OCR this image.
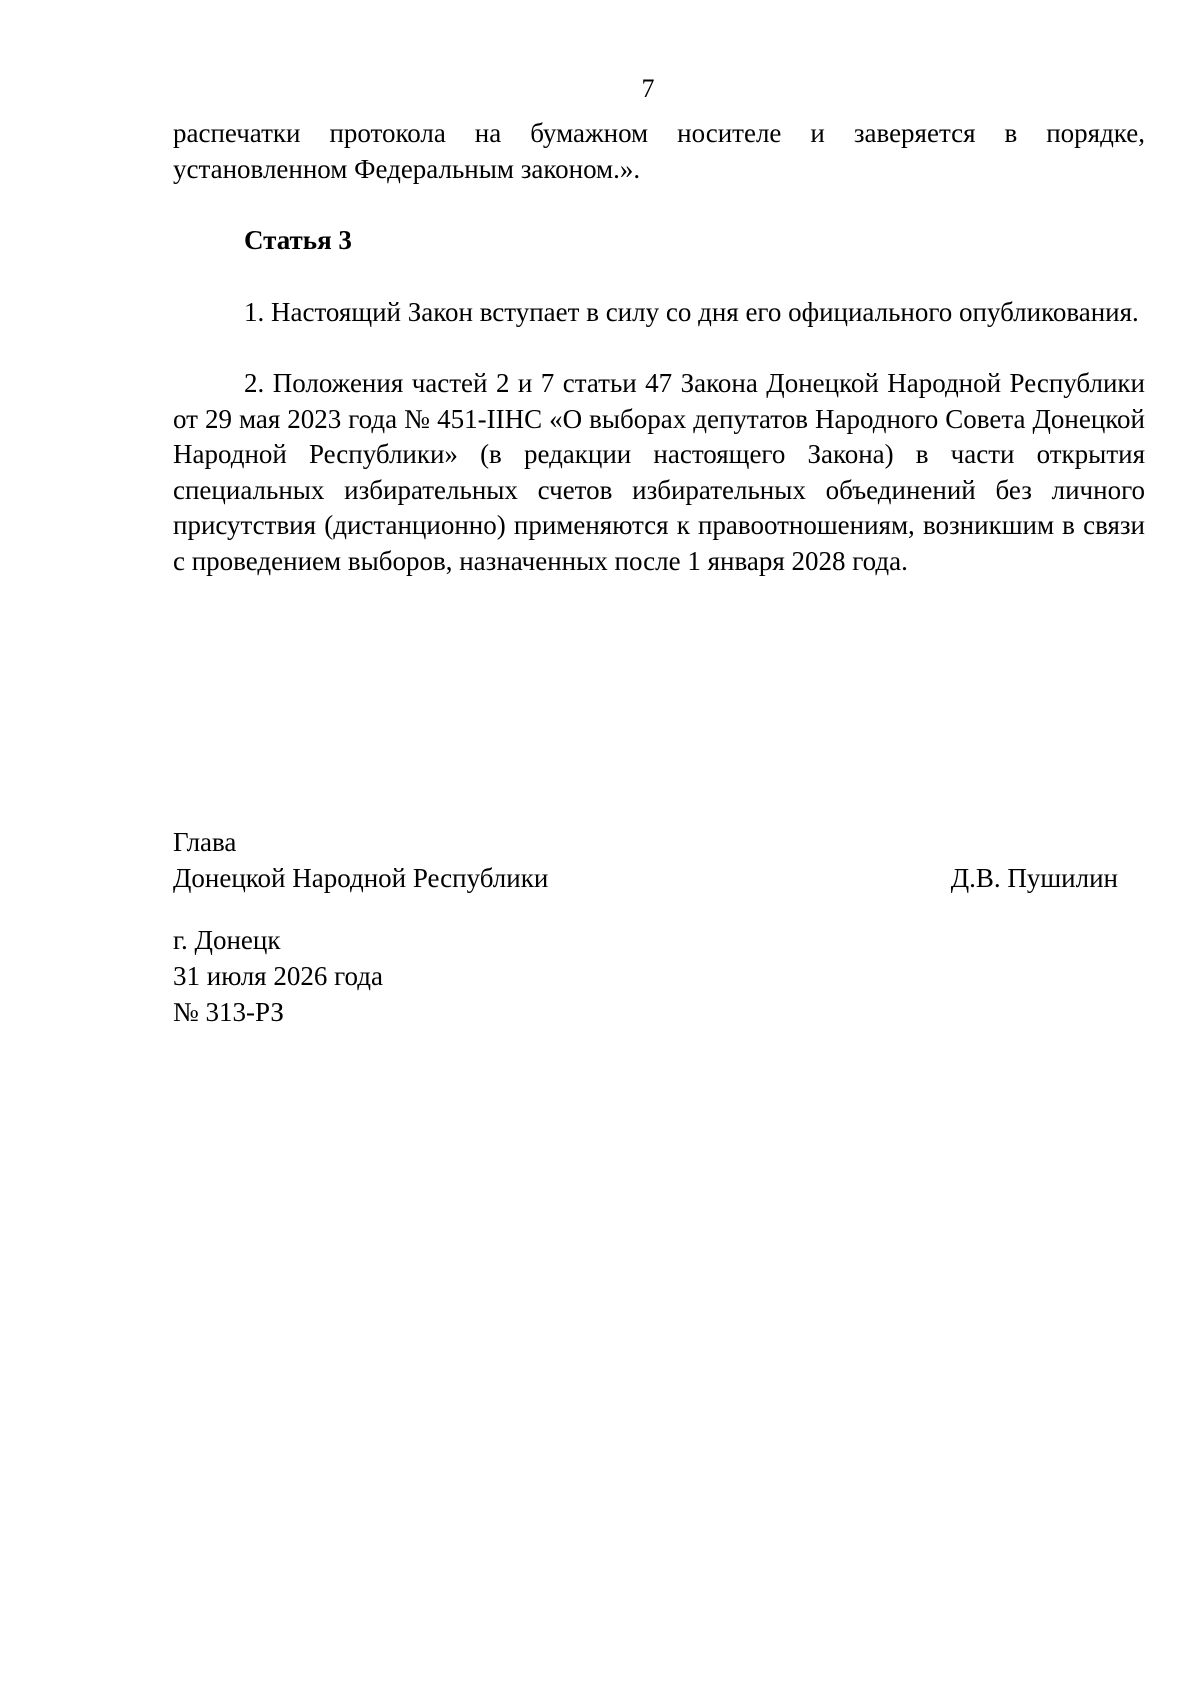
7

распечатки протокола на бумажном носителе и заверяется в порядке, установленном Федеральным законом.».

Статья 3

1. Настоящий Закон вступает в силу со дня его официального опубликования.

2. Положения частей 2 и 7 статьи 47 Закона Донецкой Народной Республики от 29 мая 2023 года № 451-IIНС «О выборах депутатов Народного Совета Донецкой Народной Республики» (в редакции настоящего Закона) в части открытия специальных избирательных счетов избирательных объединений без личного присутствия (дистанционно) применяются к правоотношениям, возникшим в связи с проведением выборов, назначенных после 1 января 2028 года.

Глава
Донецкой Народной Республики	Д.В. Пушилин
г. Донецк
31 июля 2026 года
№ 313-РЗ
